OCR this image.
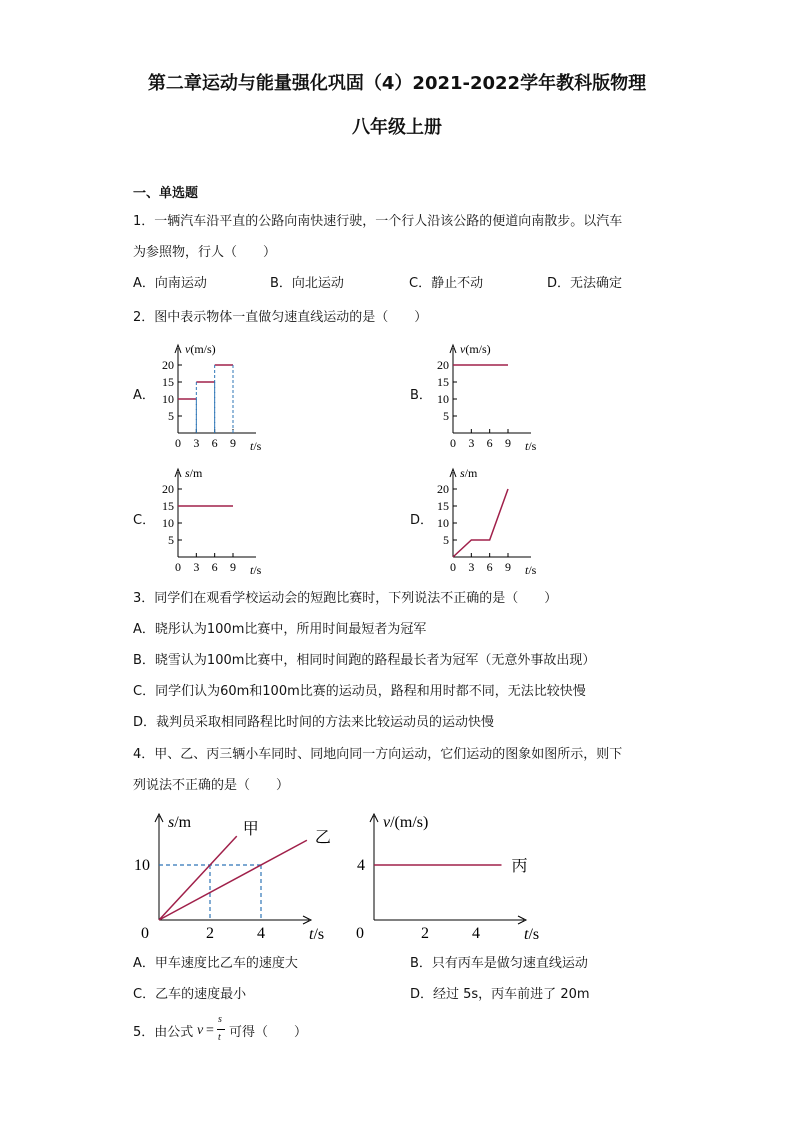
第二章运动与能量强化巩固（4）2021-2022学年教科版物理
八年级上册
一、单选题
1．一辆汽车沿平直的公路向南快速行驶，一个行人沿该公路的便道向南散步。以汽车
为参照物，行人（　　）
A．向南运动	B．向北运动	C．静止不动	D．无法确定
2．图中表示物体一直做匀速直线运动的是（　　）
A．	B．
C．	D．
5
10
15
20
0 3 6 9
v(m/s)
t/s
5
10
15
20
0 3 6 9
v(m/s)
t/s
5
10
15
20
0 3 6 9
s/m
t/s
5
10
15
20
0 3 6 9
s/m
t/s
3．同学们在观看学校运动会的短跑比赛时，下列说法不正确的是（　　）
A．晓彤认为100m比赛中，所用时间最短者为冠军
B．晓雪认为100m比赛中，相同时间跑的路程最长者为冠军（无意外事故出现）
C．同学们认为60m和100m比赛的运动员，路程和用时都不同，无法比较快慢
D．裁判员采取相同路程比时间的方法来比较运动员的运动快慢
4．甲、乙、丙三辆小车同时、同地向同一方向运动，它们运动的图象如图所示，则下
列说法不正确的是（　　）
0	2	4
10
s/m
t/s
甲	乙
0	2	4
4
v/(m/s)
t/s
丙
A．甲车速度比乙车的速度大	B．只有丙车是做匀速直线运动
C．乙车的速度最小	D．经过 5s，丙车前进了 20m
5．由公式 v =
s
t 可得（　　）
